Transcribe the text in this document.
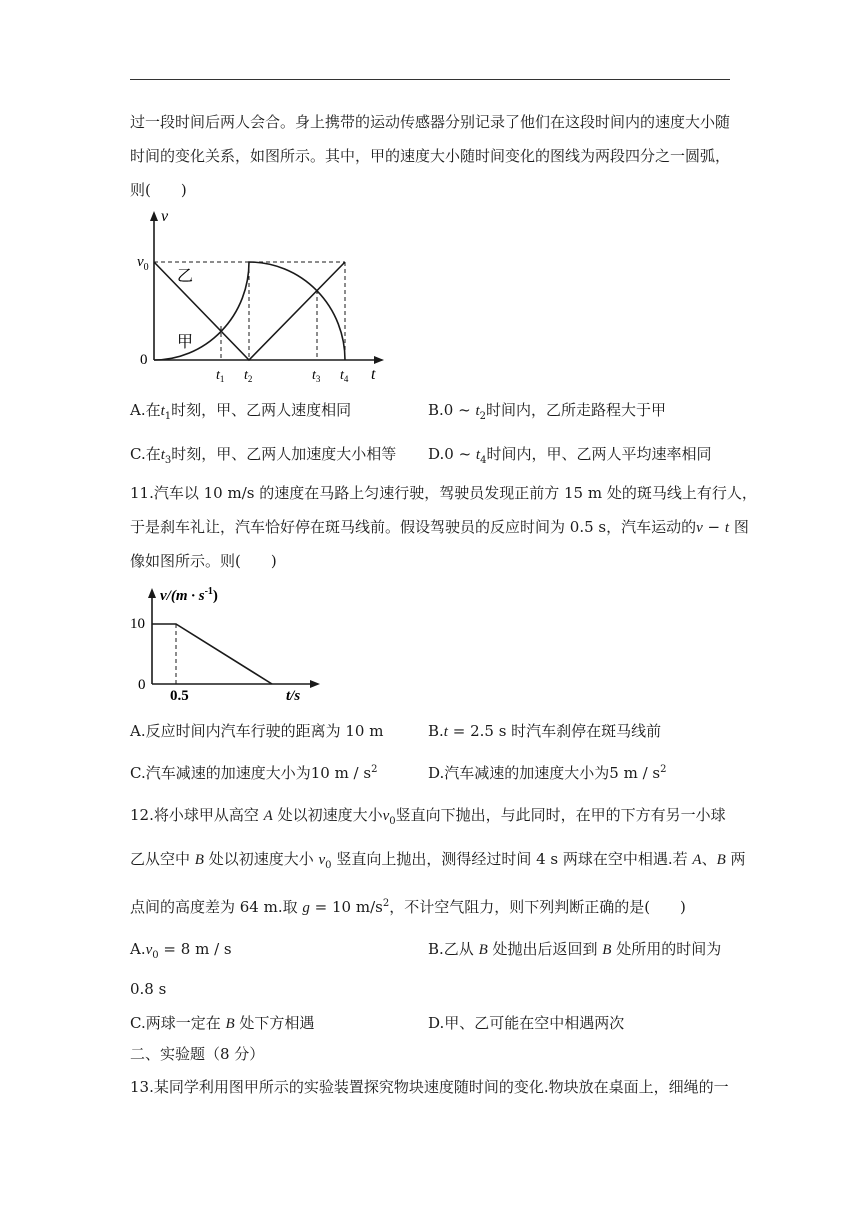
过一段时间后两人会合。身上携带的运动传感器分别记录了他们在这段时间内的速度大小随
时间的变化关系，如图所示。其中，甲的速度大小随时间变化的图线为两段四分之一圆弧，
则(　　)
v
$v_0$
乙
甲
0
$t_1$ $t_2$	$t_3$ $t_4$ t
A.在$t_1$时刻，甲、乙两人速度相同	B.0 ~ $t_2$时间内，乙所走路程大于甲
C.在$t_3$时刻，甲、乙两人加速度大小相等 D.0 ~ $t_4$时间内，甲、乙两人平均速率相同
11.汽车以 10 m/s 的速度在马路上匀速行驶，驾驶员发现正前方 15 m 处的斑马线上有行人，
于是刹车礼让，汽车恰好停在斑马线前。假设驾驶员的反应时间为 0.5 s，汽车运动的v − t 图
像如图所示。则(　　)
$v/(m \cdot s^{-1})$
10
0
0.5	t/s
A.反应时间内汽车行驶的距离为 10 m	B.t = 2.5 s 时汽车刹停在斑马线前
C.汽车减速的加速度大小为10 m / $s^2$	D.汽车减速的加速度大小为5 m / $s^2$
12.将小球甲从高空 A 处以初速度大小$v_0$竖直向下抛出，与此同时，在甲的下方有另一小球
乙从空中 B 处以初速度大小 $v_0$ 竖直向上抛出，测得经过时间 4 s 两球在空中相遇.若 A、B 两
点间的高度差为 64 m.取 g = 10 $m/s^2$，不计空气阻力，则下列判断正确的是(　　)
$A.v_0 = 8$ m / s	B.乙从 B 处抛出后返回到 B 处所用的时间为
0.8 s
C.两球一定在 B 处下方相遇	D.甲、乙可能在空中相遇两次
二、实验题（8 分）
13.某同学利用图甲所示的实验装置探究物块速度随时间的变化.物块放在桌面上，细绳的一
